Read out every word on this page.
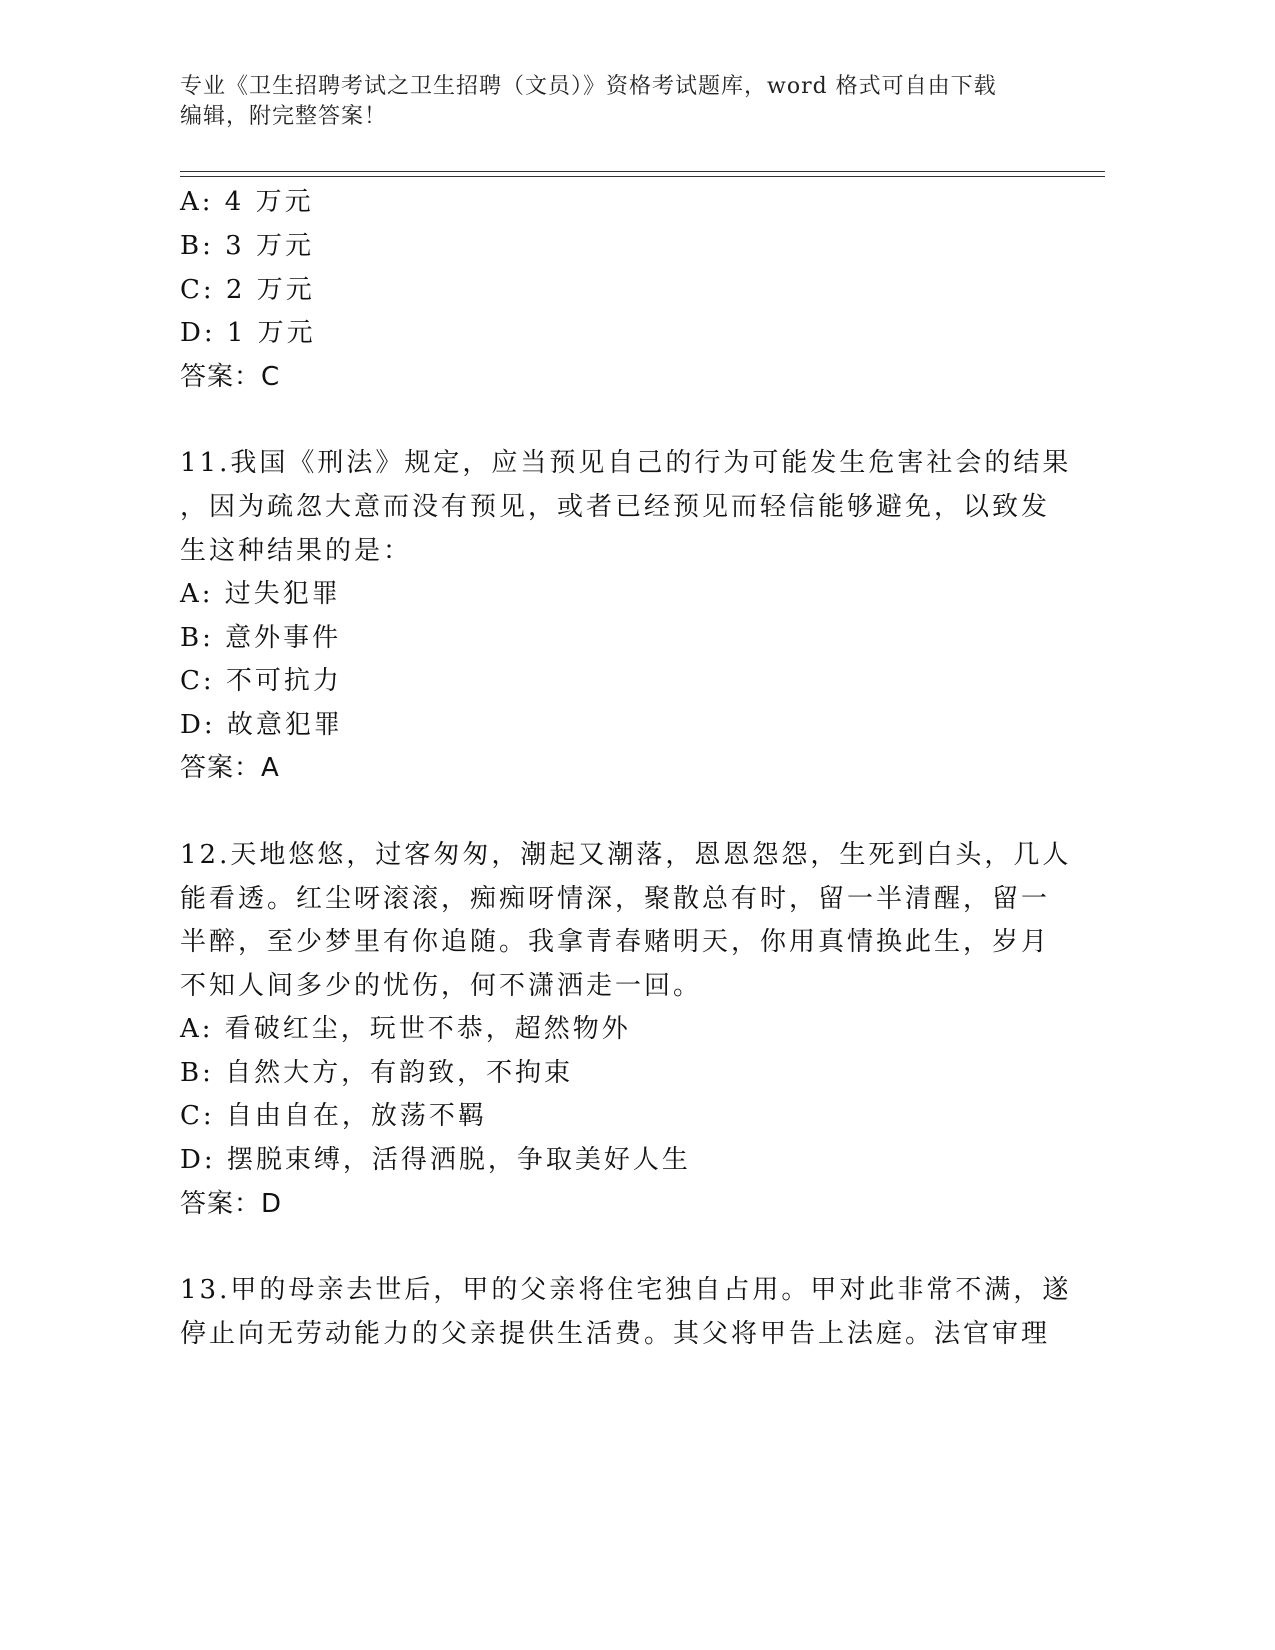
专业《卫生招聘考试之卫生招聘（文员）》资格考试题库，word 格式可自由下载
编辑，附完整答案！
A: 4 万元
B: 3 万元
C: 2 万元
D: 1 万元
答案：C
11.我国《刑法》规定，应当预见自己的行为可能发生危害社会的结果
，因为疏忽大意而没有预见，或者已经预见而轻信能够避免，以致发
生这种结果的是：
A: 过失犯罪
B: 意外事件
C: 不可抗力
D: 故意犯罪
答案：A
12.天地悠悠，过客匆匆，潮起又潮落，恩恩怨怨，生死到白头，几人
能看透。红尘呀滚滚，痴痴呀情深，聚散总有时，留一半清醒，留一
半醉，至少梦里有你追随。我拿青春赌明天，你用真情换此生，岁月
不知人间多少的忧伤，何不潇洒走一回。
A: 看破红尘，玩世不恭，超然物外
B: 自然大方，有韵致，不拘束
C: 自由自在，放荡不羁
D: 摆脱束缚，活得洒脱，争取美好人生
答案：D
13.甲的母亲去世后，甲的父亲将住宅独自占用。甲对此非常不满，遂
停止向无劳动能力的父亲提供生活费。其父将甲告上法庭。法官审理
